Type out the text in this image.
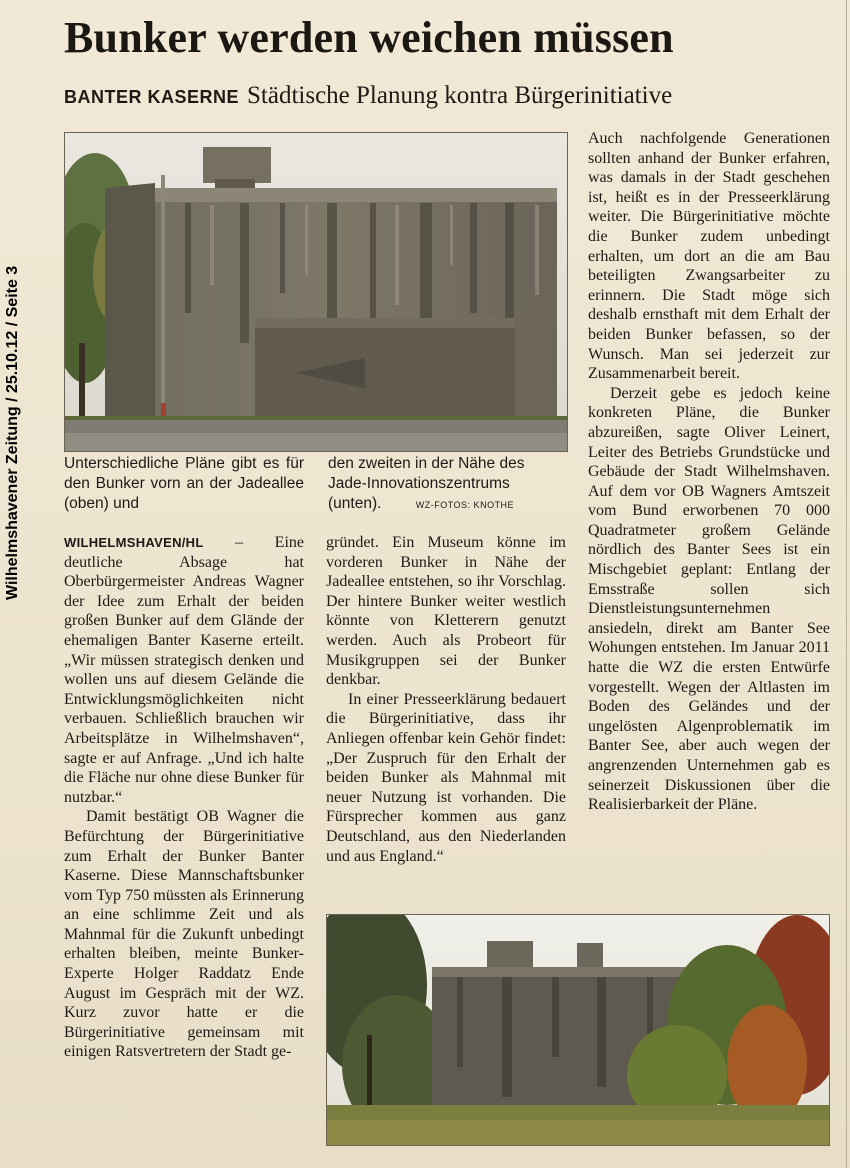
Wilhelmshavener Zeitung / 25.10.12 / Seite 3
Bunker werden weichen müssen
BANTER KASERNE Städtische Planung kontra Bürgerinitiative
Unterschiedliche Pläne gibt es für den Bunker vorn an der Jadeallee (oben) und
den zweiten in der Nähe des Jade-Innovationszentrums (unten).	WZ-FOTOS: KNOTHE

WILHELMSHAVEN/HL – Eine deutliche Absage hat Oberbürgermeister Andreas Wagner der Idee zum Erhalt der beiden großen Bunker auf dem Glände der ehemaligen Banter Kaserne erteilt. „Wir müssen strategisch denken und wollen uns auf diesem Gelände die Entwicklungsmöglichkeiten nicht verbauen. Schließlich brauchen wir Arbeitsplätze in Wilhelmshaven“, sagte er auf Anfrage. „Und ich halte die Fläche nur ohne diese Bunker für nutzbar.“

Damit bestätigt OB Wagner die Befürchtung der Bürgerinitiative zum Erhalt der Bunker Banter Kaserne. Diese Mannschaftsbunker vom Typ 750 müssten als Erinnerung an eine schlimme Zeit und als Mahnmal für die Zukunft unbedingt erhalten bleiben, meinte Bunker-Experte Holger Raddatz Ende August im Gespräch mit der WZ. Kurz zuvor hatte er die Bürgerinitiative gemeinsam mit einigen Ratsvertretern der Stadt ge-

gründet. Ein Museum könne im vorderen Bunker in Nähe der Jadeallee entstehen, so ihr Vorschlag. Der hintere Bunker weiter westlich könnte von Kletterern genutzt werden. Auch als Probeort für Musikgruppen sei der Bunker denkbar.

In einer Presseerklärung bedauert die Bürgerinitiative, dass ihr Anliegen offenbar kein Gehör findet: „Der Zuspruch für den Erhalt der beiden Bunker als Mahnmal mit neuer Nutzung ist vorhanden. Die Fürsprecher kommen aus ganz Deutschland, aus den Niederlanden und aus England.“

Auch nachfolgende Generationen sollten anhand der Bunker erfahren, was damals in der Stadt geschehen ist, heißt es in der Presseerklärung weiter. Die Bürgerinitiative möchte die Bunker zudem unbedingt erhalten, um dort an die am Bau beteiligten Zwangsarbeiter zu erinnern. Die Stadt möge sich deshalb ernsthaft mit dem Erhalt der beiden Bunker befassen, so der Wunsch. Man sei jederzeit zur Zusammenarbeit bereit.

Derzeit gebe es jedoch keine konkreten Pläne, die Bunker abzureißen, sagte Oliver Leinert, Leiter des Betriebs Grundstücke und Gebäude der Stadt Wilhelmshaven. Auf dem vor OB Wagners Amtszeit vom Bund erworbenen 70 000 Quadratmeter großem Gelände nördlich des Banter Sees ist ein Mischgebiet geplant: Entlang der Emsstraße sollen sich Dienstleistungsunternehmen ansiedeln, direkt am Banter See Wohungen entstehen. Im Januar 2011 hatte die WZ die ersten Entwürfe vorgestellt. Wegen der Altlasten im Boden des Geländes und der ungelösten Algenproblematik im Banter See, aber auch wegen der angrenzenden Unternehmen gab es seinerzeit Diskussionen über die Realisierbarkeit der Pläne.
